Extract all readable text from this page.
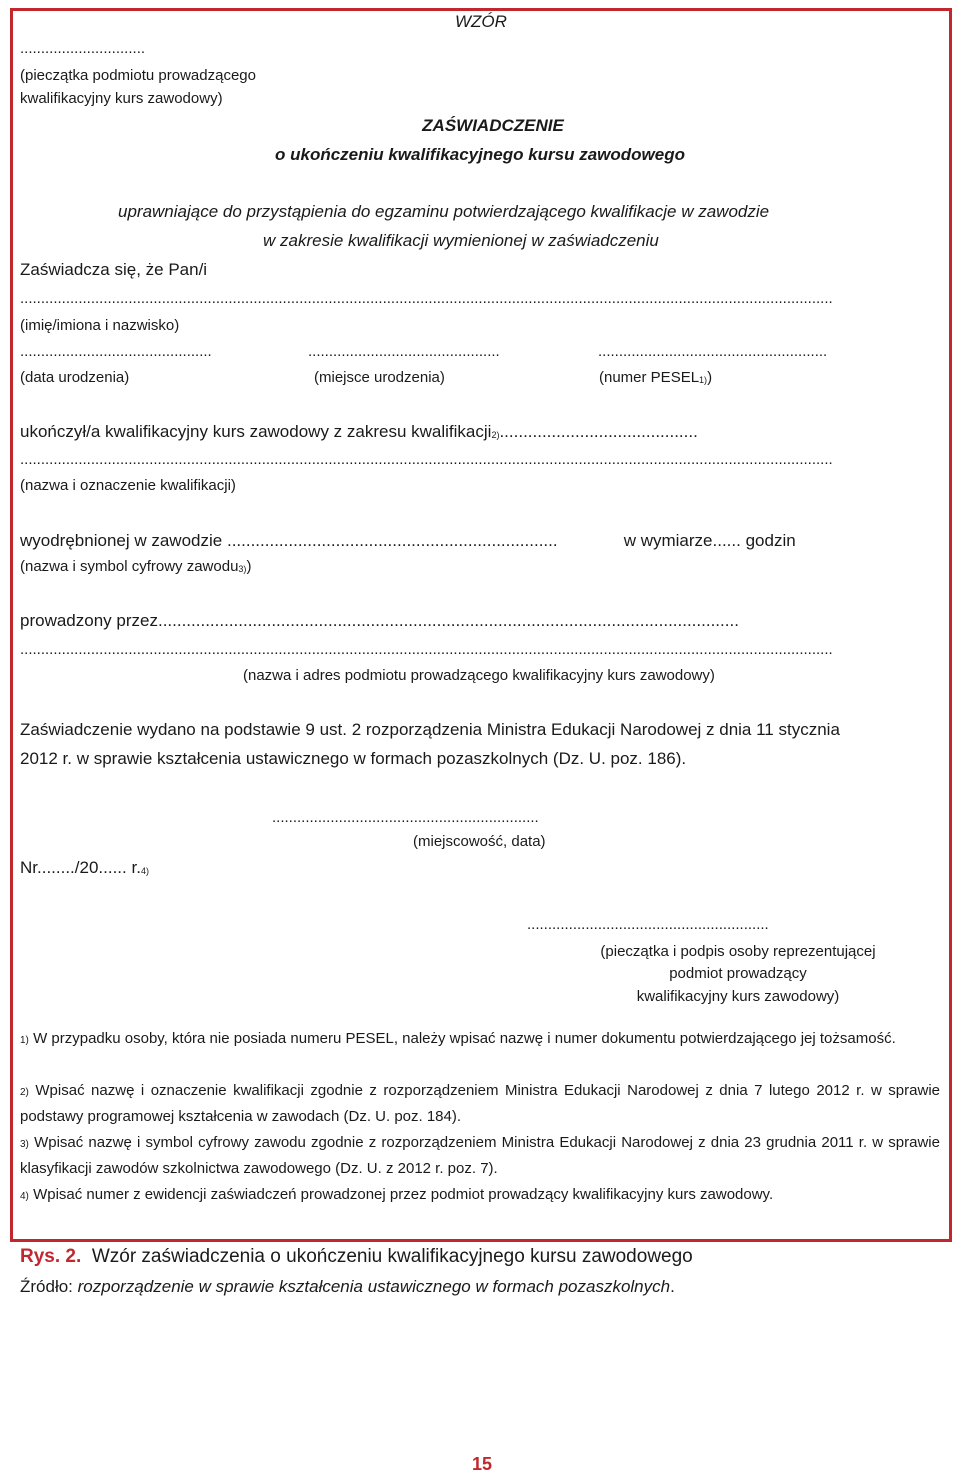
WZÓR
..............................
(pieczątka podmiotu prowadzącego
kwalifikacyjny kurs zawodowy)
ZAŚWIADCZENIE
o ukończeniu kwalifikacyjnego kursu zawodowego
uprawniające do przystąpienia do egzaminu potwierdzającego kwalifikacje w zawodzie
w zakresie kwalifikacji wymienionej w zaświadczeniu
Zaświadcza się, że Pan/i
...................................................................................................................................................................................................
(imię/imiona i nazwisko)
..............................................	..............................................	.......................................................
(data urodzenia)	(miejsce urodzenia)	(numer PESEL1))
ukończył/a kwalifikacyjny kurs zawodowy z zakresu kwalifikacji2)..........................................
...................................................................................................................................................................................................
(nazwa i oznaczenie kwalifikacji)
wyodrębnionej w zawodzie ......................................................................	w wymiarze...... godzin
(nazwa i symbol cyfrowy zawodu3))
prowadzony przez...........................................................................................................................
...................................................................................................................................................................................................
(nazwa i adres podmiotu prowadzącego kwalifikacyjny kurs zawodowy)
Zaświadczenie wydano na podstawie 9 ust. 2 rozporządzenia Ministra Edukacji Narodowej z dnia 11 stycznia
2012 r. w sprawie kształcenia ustawicznego w formach pozaszkolnych (Dz. U. poz. 186).
................................................................
(miejscowość, data)
Nr......../20...... r.4)
..........................................................
(pieczątka i podpis osoby reprezentującej
podmiot prowadzący
kwalifikacyjny kurs zawodowy)
1) W przypadku osoby, która nie posiada numeru PESEL, należy wpisać nazwę i numer dokumentu potwierdzającego jej tożsamość.
2) Wpisać nazwę i oznaczenie kwalifikacji zgodnie z rozporządzeniem Ministra Edukacji Narodowej z dnia 7 lutego 2012 r. w sprawie podstawy programowej kształcenia w zawodach (Dz. U. poz. 184).
3) Wpisać nazwę i symbol cyfrowy zawodu zgodnie z rozporządzeniem Ministra Edukacji Narodowej z dnia 23 grudnia 2011 r. w sprawie klasyfikacji zawodów szkolnictwa zawodowego (Dz. U. z 2012 r. poz. 7).
4) Wpisać numer z ewidencji zaświadczeń prowadzonej przez podmiot prowadzący kwalifikacyjny kurs zawodowy.
Rys. 2. Wzór zaświadczenia o ukończeniu kwalifikacyjnego kursu zawodowego
Źródło: rozporządzenie w sprawie kształcenia ustawicznego w formach pozaszkolnych.
15
